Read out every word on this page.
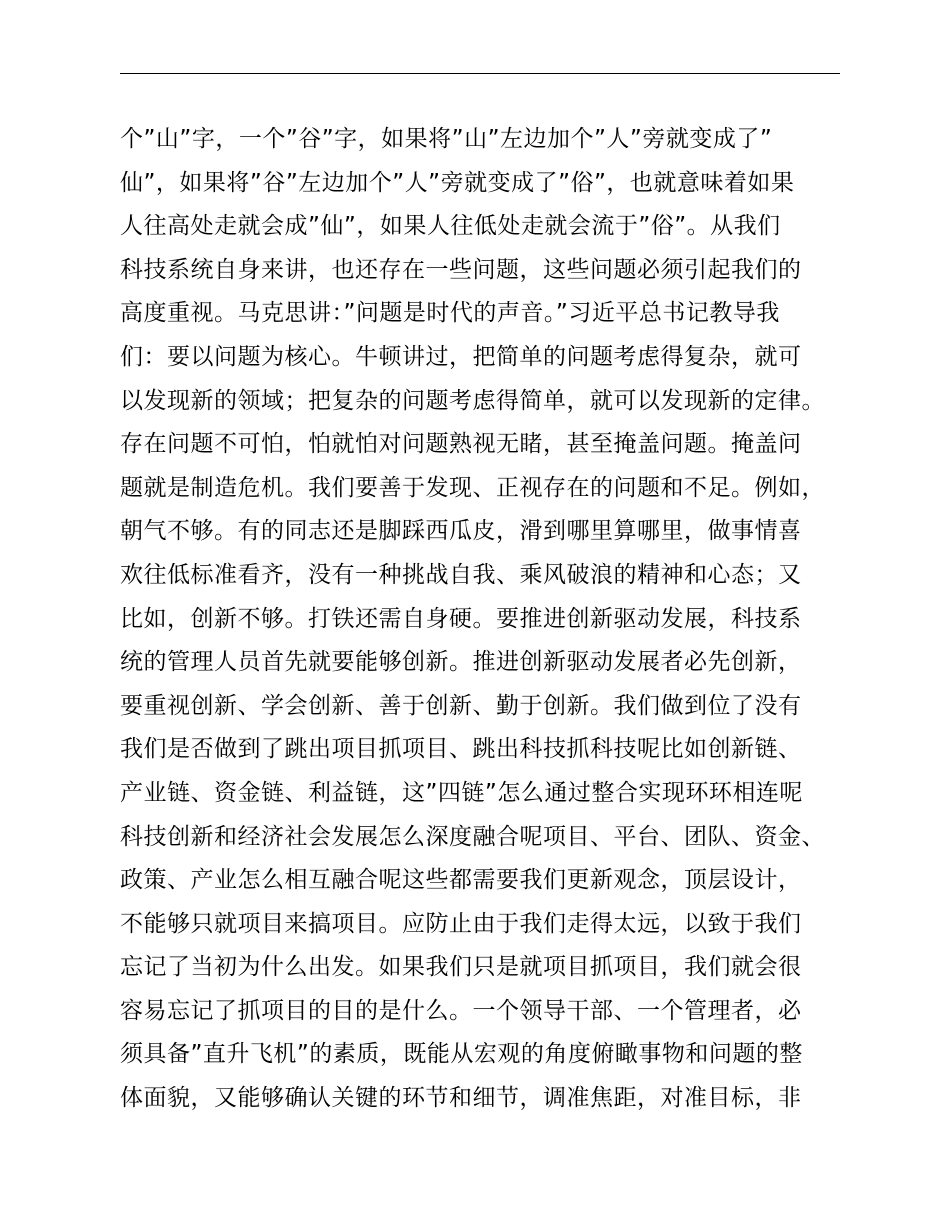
个”山”字，一个”谷”字，如果将”山”左边加个”人”旁就变成了”
仙”，如果将”谷”左边加个”人”旁就变成了”俗”，也就意味着如果
人往高处走就会成”仙”，如果人往低处走就会流于”俗”。从我们
科技系统自身来讲，也还存在一些问题，这些问题必须引起我们的
高度重视。马克思讲：”问题是时代的声音。”习近平总书记教导我
们：要以问题为核心。牛顿讲过，把简单的问题考虑得复杂，就可
以发现新的领域；把复杂的问题考虑得简单，就可以发现新的定律。
存在问题不可怕，怕就怕对问题熟视无睹，甚至掩盖问题。掩盖问
题就是制造危机。我们要善于发现、正视存在的问题和不足。例如，
朝气不够。有的同志还是脚踩西瓜皮，滑到哪里算哪里，做事情喜
欢往低标准看齐，没有一种挑战自我、乘风破浪的精神和心态；又
比如，创新不够。打铁还需自身硬。要推进创新驱动发展，科技系
统的管理人员首先就要能够创新。推进创新驱动发展者必先创新，
要重视创新、学会创新、善于创新、勤于创新。我们做到位了没有
我们是否做到了跳出项目抓项目、跳出科技抓科技呢比如创新链、
产业链、资金链、利益链，这”四链”怎么通过整合实现环环相连呢
科技创新和经济社会发展怎么深度融合呢项目、平台、团队、资金、
政策、产业怎么相互融合呢这些都需要我们更新观念，顶层设计，
不能够只就项目来搞项目。应防止由于我们走得太远，以致于我们
忘记了当初为什么出发。如果我们只是就项目抓项目，我们就会很
容易忘记了抓项目的目的是什么。一个领导干部、一个管理者，必
须具备”直升飞机”的素质，既能从宏观的角度俯瞰事物和问题的整
体面貌，又能够确认关键的环节和细节，调准焦距，对准目标，非
